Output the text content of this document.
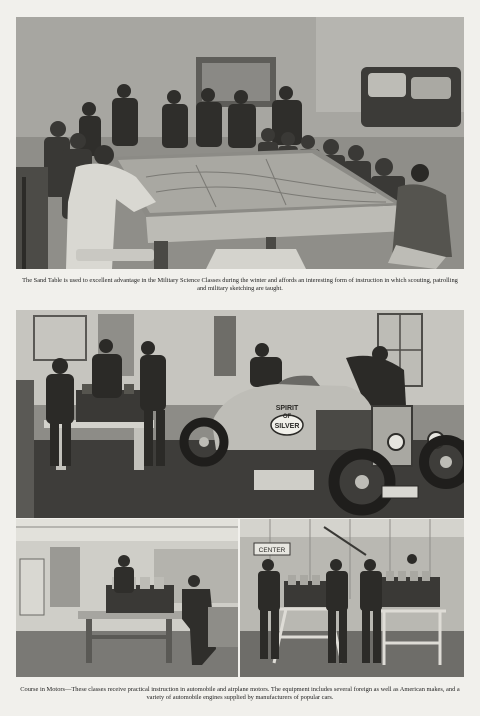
The Sand Table is used to excellent advantage in the Military Science Classes during the winter and affords an interesting form of instruction in which scouting, patrolling and military sketching are taught.

SPIRIT
OF
SILVER
CENTER

Course in Motors—These classes receive practical instruction in automobile and airplane motors. The equipment includes several foreign as well as American makes, and a variety of automobile engines supplied by manufacturers of popular cars.
